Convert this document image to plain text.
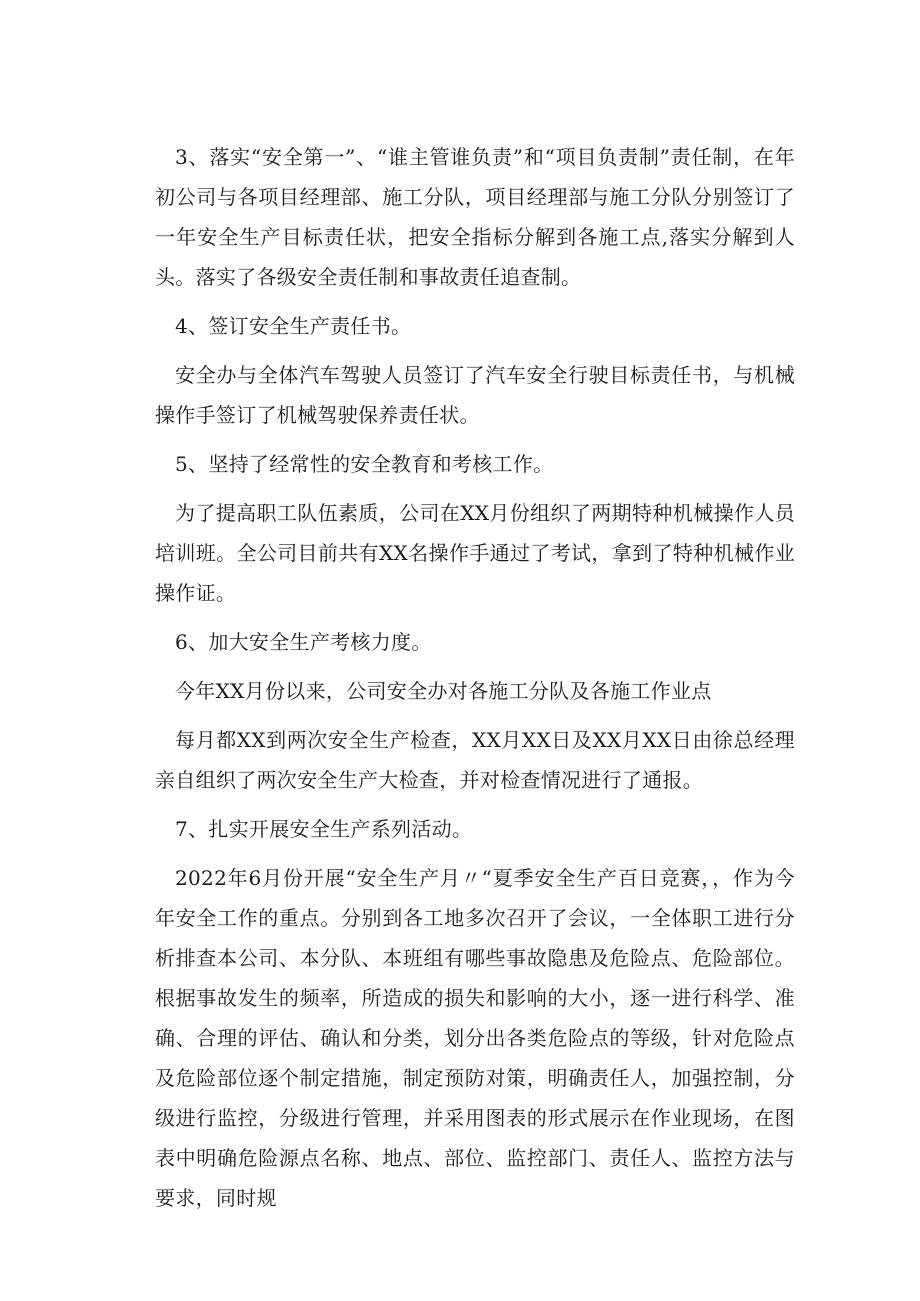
3、落实“安全第一”、“谁主管谁负责”和“项目负责制”责任制，在年初公司与各项目经理部、施工分队，项目经理部与施工分队分别签订了一年安全生产目标责任状，把安全指标分解到各施工点,落实分解到人头。落实了各级安全责任制和事故责任追查制。

4、签订安全生产责任书。

安全办与全体汽车驾驶人员签订了汽车安全行驶目标责任书，与机械操作手签订了机械驾驶保养责任状。

5、坚持了经常性的安全教育和考核工作。

为了提高职工队伍素质，公司在XX月份组织了两期特种机械操作人员培训班。全公司目前共有XX名操作手通过了考试，拿到了特种机械作业操作证。

6、加大安全生产考核力度。

今年XX月份以来，公司安全办对各施工分队及各施工作业点

每月都XX到两次安全生产检查，XX月XX日及XX月XX日由徐总经理亲自组织了两次安全生产大检查，并对检查情况进行了通报。

7、扎实开展安全生产系列活动。

2022年6月份开展“安全生产月〃“夏季安全生产百日竞赛，，作为今年安全工作的重点。分别到各工地多次召开了会议，一全体职工进行分析排查本公司、本分队、本班组有哪些事故隐患及危险点、危险部位。根据事故发生的频率，所造成的损失和影响的大小，逐一进行科学、准确、合理的评估、确认和分类，划分出各类危险点的等级，针对危险点及危险部位逐个制定措施，制定预防对策，明确责任人，加强控制，分级进行监控，分级进行管理，并采用图表的形式展示在作业现场，在图表中明确危险源点名称、地点、部位、监控部门、责任人、监控方法与要求，同时规
